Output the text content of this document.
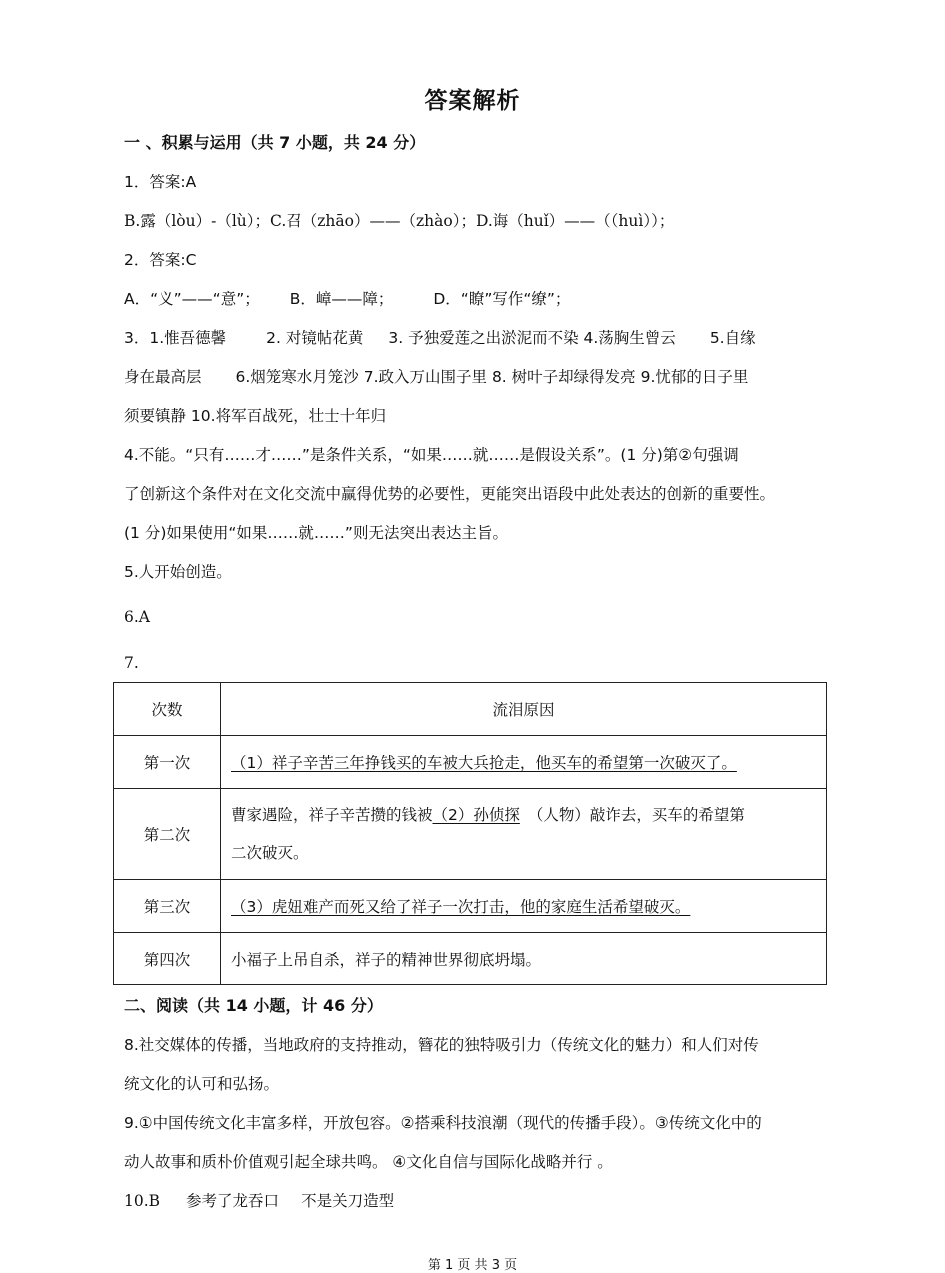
答案解析
一 、积累与运用（共 7 小题，共 24 分）
1．答案:A
B.露（lòu）-（lù）；C.召（zhāo）——（zhào）；D.诲（huǐ）——（（huì））；
2．答案:C
A．“义”——“意”； B．嶂——障；	D．“瞭”写作“缭”；
3．1.惟吾德馨	2. 对镜帖花黄 3. 予独爱莲之出淤泥而不染 4.荡胸生曾云 5.自缘
身在最高层 6.烟笼寒水月笼沙 7.政入万山围子里 8. 树叶子却绿得发亮 9.忧郁的日子里
须要镇静 10.将军百战死，壮士十年归
4.不能。“只有……才……”是条件关系，“如果……就……是假设关系”。(1 分)第②句强调
了创新这个条件对在文化交流中赢得优势的必要性，更能突出语段中此处表达的创新的重要性。
(1 分)如果使用“如果……就……”则无法突出表达主旨。
5.人开始创造。
6.A
7.
次数	流泪原因
第一次	（1）祥子辛苦三年挣钱买的车被大兵抢走，他买车的希望第一次破灭了。
第二次	曹家遇险，祥子辛苦攒的钱被（2）孙侦探 （人物）敲诈去，买车的希望第
二次破灭。

第三次	（3）虎妞难产而死又给了祥子一次打击，他的家庭生活希望破灭。
第四次	小福子上吊自杀，祥子的精神世界彻底坍塌。
二、阅读（共 14 小题，计 46 分）
8.社交媒体的传播，当地政府的支持推动，簪花的独特吸引力（传统文化的魅力）和人们对传
统文化的认可和弘扬。
9.①中国传统文化丰富多样，开放包容。②搭乘科技浪潮（现代的传播手段）。③传统文化中的
动人故事和质朴价值观引起全球共鸣。 ④文化自信与国际化战略并行 。
10.B 参考了龙吞口 不是关刀造型
第 1 页 共 3 页
